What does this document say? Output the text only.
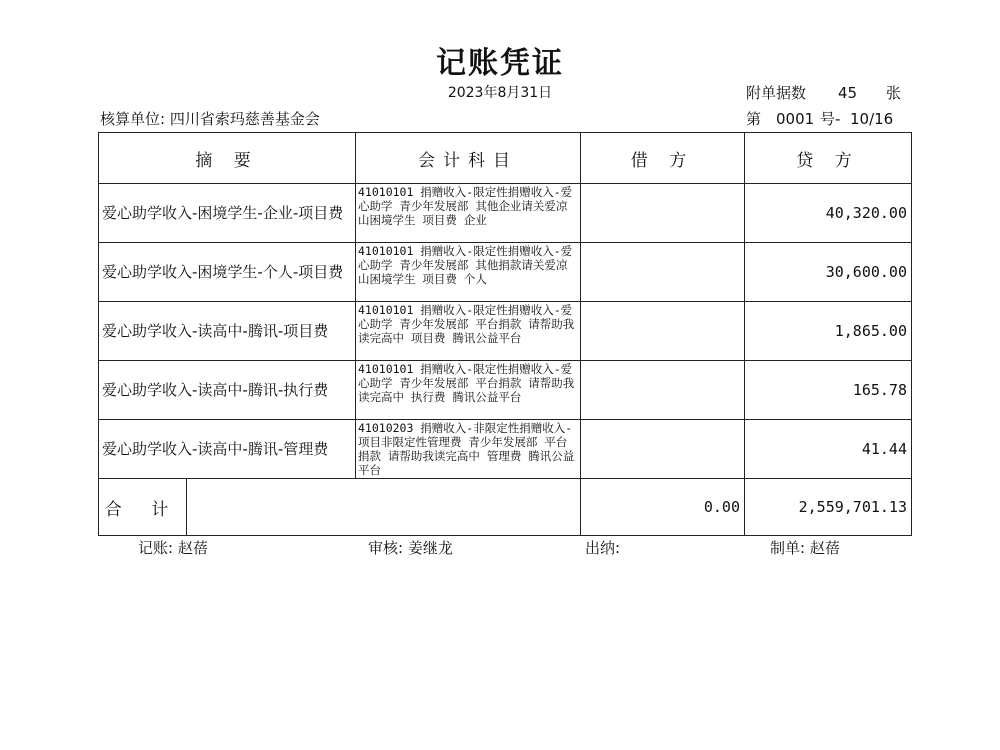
记账凭证
2023年8月31日	附单据数 45 张
核算单位: 四川省索玛慈善基金会	第 0001 号- 10/16
摘 要	会计科目	借 方	贷 方
爱心助学收入-困境学生-企业-项目费	41010101 捐赠收入-限定性捐赠收入-爱心助学 青少年发展部 其他企业请关爱凉山困境学生 项目费 企业		40,320.00
爱心助学收入-困境学生-个人-项目费	41010101 捐赠收入-限定性捐赠收入-爱心助学 青少年发展部 其他捐款请关爱凉山困境学生 项目费 个人		30,600.00
爱心助学收入-读高中-腾讯-项目费	41010101 捐赠收入-限定性捐赠收入-爱心助学 青少年发展部 平台捐款 请帮助我读完高中 项目费 腾讯公益平台		1,865.00
爱心助学收入-读高中-腾讯-执行费	41010101 捐赠收入-限定性捐赠收入-爱心助学 青少年发展部 平台捐款 请帮助我读完高中 执行费 腾讯公益平台		165.78
爱心助学收入-读高中-腾讯-管理费	41010203 捐赠收入-非限定性捐赠收入-项目非限定性管理费 青少年发展部 平台捐款 请帮助我读完高中 管理费 腾讯公益平台		41.44

合 计		0.00	2,559,701.13
记账: 赵蓓	审核: 姜继龙	出纳:	制单: 赵蓓
